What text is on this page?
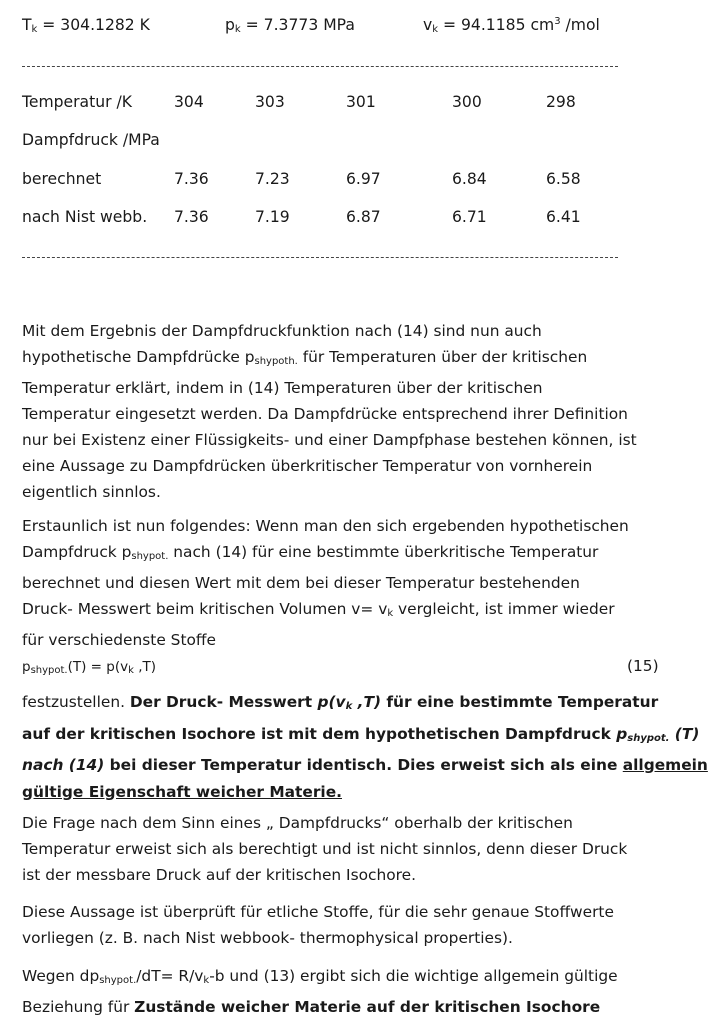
$T_k = 304.1282$ K	$p_k = 7.3773$ MPa	$v_k = 94.1185$ $cm^3$ /mol
Temperatur /K	304	303	301	300	298
Dampfdruck /MPa
berechnet	7.36	7.23	6.97	6.84	6.58
nach Nist webb. 7.36	7.19	6.87	6.71	6.41

Mit dem Ergebnis der Dampfdruckfunktion nach (14) sind nun auch

hypothetische Dampfdrücke $p_{shypoth.}$ für Temperaturen über der kritischen

Temperatur erklärt, indem in (14) Temperaturen über der kritischen

Temperatur eingesetzt werden. Da Dampfdrücke entsprechend ihrer Definition

nur bei Existenz einer Flüssigkeits- und einer Dampfphase bestehen können, ist

eine Aussage zu Dampfdrücken überkritischer Temperatur von vornherein

eigentlich sinnlos.

Erstaunlich ist nun folgendes: Wenn man den sich ergebenden hypothetischen

Dampfdruck $p_{shypot.}$ nach (14) für eine bestimmte überkritische Temperatur

berechnet und diesen Wert mit dem bei dieser Temperatur bestehenden

Druck- Messwert beim kritischen Volumen $v= v_k$ vergleicht, ist immer wieder

für verschiedenste Stoffe

$p_{shypot.}(T) = p(v_k$ ,T)	(15)

festzustellen. Der Druck- Messwert $p(v_k$ ,T) für eine bestimmte Temperatur

auf der kritischen Isochore ist mit dem hypothetischen Dampfdruck $p_{shypot.}$ (T)

nach (14) bei dieser Temperatur identisch. Dies erweist sich als eine allgemein

gültige Eigenschaft weicher Materie.

Die Frage nach dem Sinn eines „ Dampfdrucks“ oberhalb der kritischen

Temperatur erweist sich als berechtigt und ist nicht sinnlos, denn dieser Druck

ist der messbare Druck auf der kritischen Isochore.

Diese Aussage ist überprüft für etliche Stoffe, für die sehr genaue Stoffwerte

vorliegen (z. B. nach Nist webbook- thermophysical properties).

Wegen $dp_{shypot.}/dT= R/v_k-b$ und (13) ergibt sich die wichtige allgemein gültige

Beziehung für Zustände weicher Materie auf der kritischen Isochore
